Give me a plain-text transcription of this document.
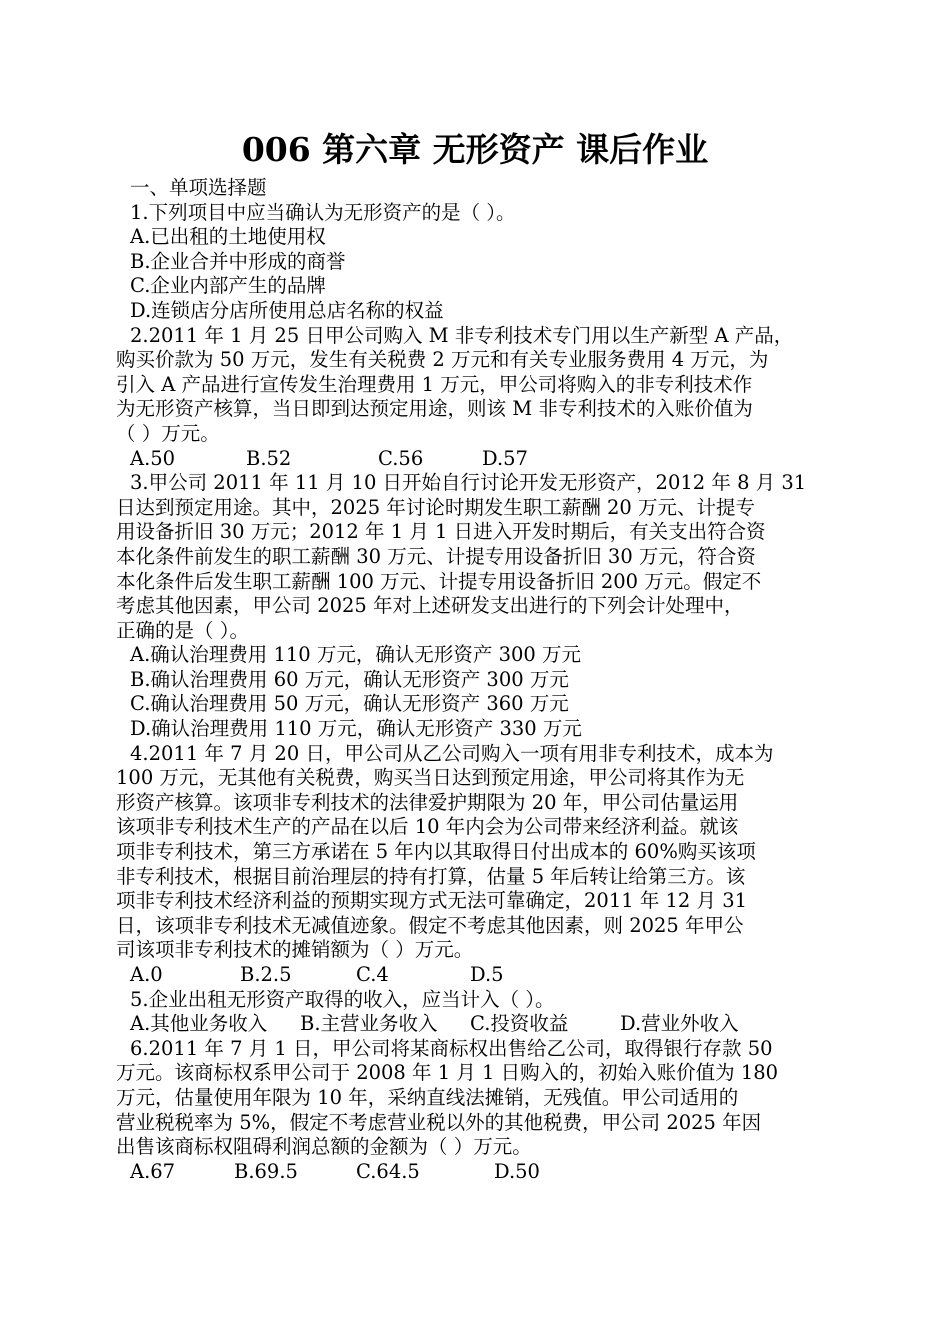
006 第六章 无形资产 课后作业
一、单项选择题
1.下列项目中应当确认为无形资产的是（ ）。
A.已出租的土地使用权
B.企业合并中形成的商誉
C.企业内部产生的品牌
D.连锁店分店所使用总店名称的权益
2.2011 年 1 月 25 日甲公司购入 M 非专利技术专门用以生产新型 A 产品，
购买价款为 50 万元，发生有关税费 2 万元和有关专业服务费用 4 万元，为
引入 A 产品进行宣传发生治理费用 1 万元，甲公司将购入的非专利技术作
为无形资产核算，当日即到达预定用途，则该 M 非专利技术的入账价值为
（ ）万元。
A.50	B.52	C.56	D.57
3.甲公司 2011 年 11 月 10 日开始自行讨论开发无形资产，2012 年 8 月 31
日达到预定用途。其中，2025 年讨论时期发生职工薪酬 20 万元、计提专
用设备折旧 30 万元；2012 年 1 月 1 日进入开发时期后，有关支出符合资
本化条件前发生的职工薪酬 30 万元、计提专用设备折旧 30 万元，符合资
本化条件后发生职工薪酬 100 万元、计提专用设备折旧 200 万元。假定不
考虑其他因素，甲公司 2025 年对上述研发支出进行的下列会计处理中，
正确的是（ ）。
A.确认治理费用 110 万元，确认无形资产 300 万元
B.确认治理费用 60 万元，确认无形资产 300 万元
C.确认治理费用 50 万元，确认无形资产 360 万元
D.确认治理费用 110 万元，确认无形资产 330 万元
4.2011 年 7 月 20 日，甲公司从乙公司购入一项有用非专利技术，成本为
100 万元，无其他有关税费，购买当日达到预定用途，甲公司将其作为无
形资产核算。该项非专利技术的法律爱护期限为 20 年，甲公司估量运用
该项非专利技术生产的产品在以后 10 年内会为公司带来经济利益。就该
项非专利技术，第三方承诺在 5 年内以其取得日付出成本的 60%购买该项
非专利技术，根据目前治理层的持有打算，估量 5 年后转让给第三方。该
项非专利技术经济利益的预期实现方式无法可靠确定，2011 年 12 月 31
日，该项非专利技术无减值迹象。假定不考虑其他因素，则 2025 年甲公
司该项非专利技术的摊销额为（ ）万元。
A.0	B.2.5	C.4	D.5
5.企业出租无形资产取得的收入，应当计入（ ）。
A.其他业务收入 B.主营业务收入 C.投资收益	D.营业外收入
6.2011 年 7 月 1 日，甲公司将某商标权出售给乙公司，取得银行存款 50
万元。该商标权系甲公司于 2008 年 1 月 1 日购入的，初始入账价值为 180
万元，估量使用年限为 10 年，采纳直线法摊销，无残值。甲公司适用的
营业税税率为 5%，假定不考虑营业税以外的其他税费，甲公司 2025 年因
出售该商标权阻碍利润总额的金额为（ ）万元。
A.67	B.69.5	C.64.5	D.50
